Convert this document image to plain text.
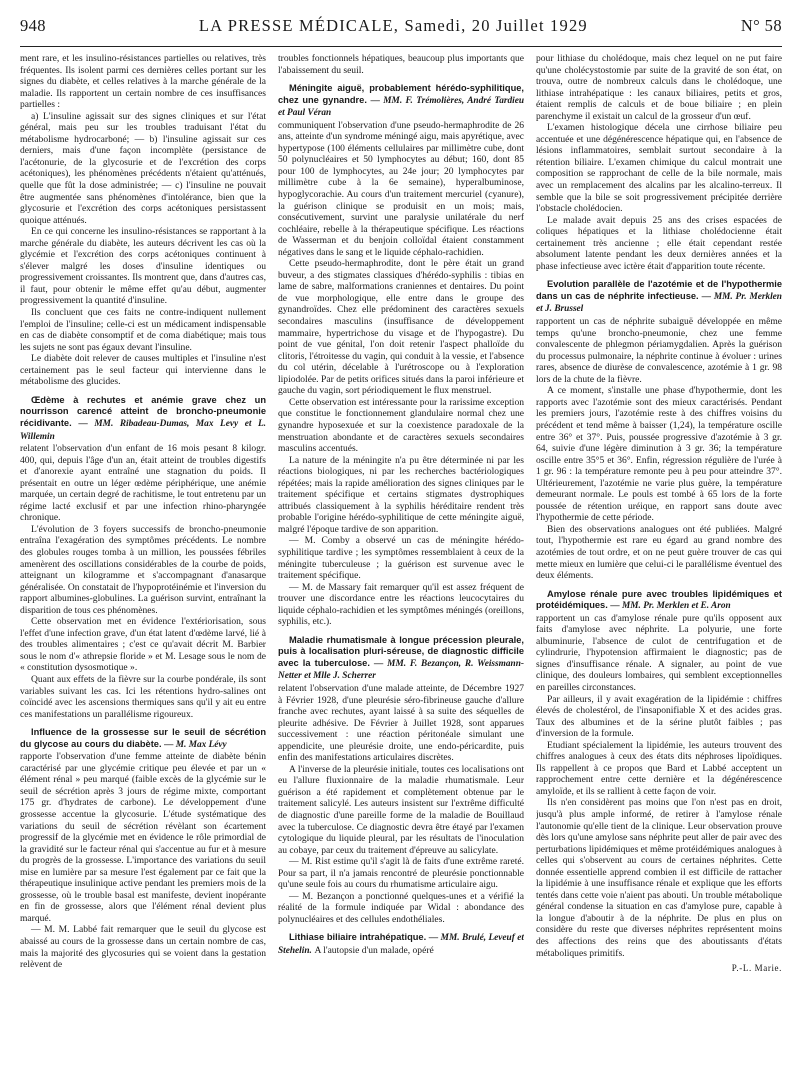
948	LA PRESSE MÉDICALE, Samedi, 20 Juillet 1929	N° 58

ment rare, et les insulino-résistances partielles ou relatives, très fréquentes. Ils isolent parmi ces dernières celles portant sur les signes du diabète, et celles relatives à la marche générale de la maladie. Ils rapportent un certain nombre de ces insuffisances partielles :

a) L'insuline agissait sur des signes cliniques et sur l'état général, mais peu sur les troubles traduisant l'état du métabolisme hydrocarboné; — b) l'insuline agissait sur ces derniers, mais d'une façon incomplète (persistance de l'acétonurie, de la glycosurie et de l'excrétion des corps acétoniques), les phénomènes précédents n'étaient qu'atténués, quelle que fût la dose administrée; — c) l'insuline ne pouvait être augmentée sans phénomènes d'intolérance, bien que la glycosurie et l'excrétion des corps acétoniques persistassent quoique atténués.

En ce qui concerne les insulino-résistances se rapportant à la marche générale du diabète, les auteurs décrivent les cas où la glycémie et l'excrétion des corps acétoniques continuent à s'élever malgré les doses d'insuline identiques ou progressivement croissantes. Ils montrent que, dans d'autres cas, il faut, pour obtenir le même effet qu'au début, augmenter progressivement la quantité d'insuline.

Ils concluent que ces faits ne contre-indiquent nullement l'emploi de l'insuline; celle-ci est un médicament indispensable en cas de diabète consomptif et de coma diabétique; mais tous les sujets ne sont pas égaux devant l'insuline.

Le diabète doit relever de causes multiples et l'insuline n'est certainement pas le seul facteur qui intervienne dans le métabolisme des glucides.

Œdème à rechutes et anémie grave chez un nourrisson carencé atteint de broncho-pneumonie récidivante. — MM. Ribadeau-Dumas, Max Levy et L. Willemin

relatent l'observation d'un enfant de 16 mois pesant 8 kilogr. 400, qui, depuis l'âge d'un an, était atteint de troubles digestifs et d'anorexie ayant entraîné une stagnation du poids. Il présentait en outre un léger œdème périphérique, une anémie marquée, un certain degré de rachitisme, le tout entretenu par un régime lacté exclusif et par une infection rhino-pharyngée chronique.

L'évolution de 3 foyers successifs de broncho-pneumonie entraîna l'exagération des symptômes précédents. Le nombre des globules rouges tomba à un million, les poussées fébriles amenèrent des oscillations considérables de la courbe de poids, atteignant un kilogramme et s'accompagnant d'anasarque généralisée. On constatait de l'hypoprotéinémie et l'inversion du rapport albumines-globulines. La guérison survint, entraînant la disparition de tous ces phénomènes.

Cette observation met en évidence l'extériorisation, sous l'effet d'une infection grave, d'un état latent d'œdème larvé, lié à des troubles alimentaires ; c'est ce qu'avait décrit M. Barbier sous le nom d'« athrepsie floride » et M. Lesage sous le nom de « constitution dysosmotique ».

Quant aux effets de la fièvre sur la courbe pondérale, ils sont variables suivant les cas. Ici les rétentions hydro-salines ont coïncidé avec les ascensions thermiques sans qu'il y ait eu entre ces manifestations un parallélisme rigoureux.

Influence de la grossesse sur le seuil de sécrétion du glycose au cours du diabète. — M. Max Lévy

rapporte l'observation d'une femme atteinte de diabète bénin caractérisé par une glycémie critique peu élevée et par un « élément rénal » peu marqué (faible excès de la glycémie sur le seuil de sécrétion après 3 jours de régime mixte, comportant 175 gr. d'hydrates de carbone). Le développement d'une grossesse accentue la glycosurie. L'étude systématique des variations du seuil de sécrétion révèlant son écartement progressif de la glycémie met en évidence le rôle primordial de la gravidité sur le facteur rénal qui s'accentue au fur et à mesure du progrès de la grossesse. L'importance des variations du seuil mise en lumière par sa mesure l'est également par ce fait que la thérapeutique insulinique active pendant les premiers mois de la grossesse, où le trouble basal est manifeste, devient inopérante en fin de grossesse, alors que l'élément rénal devient plus marqué.

— M. M. Labbé fait remarquer que le seuil du glycose est abaissé au cours de la grossesse dans un certain nombre de cas, mais la majorité des glycosuries qui se voient dans la gestation relèvent de

troubles fonctionnels hépatiques, beaucoup plus importants que l'abaissement du seuil.

Méningite aiguë, probablement hérédo-syphilitique, chez une gynandre. — MM. F. Trémolières, André Tardieu et Paul Véran

communiquent l'observation d'une pseudo-hermaphrodite de 26 ans, atteinte d'un syndrome méningé aigu, mais apyrétique, avec hypertypose (100 éléments cellulaires par millimètre cube, dont 50 polynucléaires et 50 lymphocytes au début; 160, dont 85 pour 100 de lymphocytes, au 24e jour; 20 lymphocytes par millimètre cube à la 6e semaine), hyperalbuminose, hypoglycorachie. Au cours d'un traitement mercuriel (cyanure), la guérison clinique se produisit en un mois; mais, consécutivement, survint une paralysie unilatérale du nerf cochléaire, rebelle à la thérapeutique spécifique. Les réactions de Wasserman et du benjoin colloïdal étaient constamment négatives dans le sang et le liquide céphalo-rachidien.

Cette pseudo-hermaphrodite, dont le père était un grand buveur, a des stigmates classiques d'hérédo-syphilis : tibias en lame de sabre, malformations craniennes et dentaires. Du point de vue morphologique, elle entre dans le groupe des gynandroïdes. Chez elle prédominent des caractères sexuels secondaires masculins (insuffisance de développement mammaire, hypertrichose du visage et de l'hypogastre). Du point de vue génital, l'on doit retenir l'aspect phalloïde du clitoris, l'étroitesse du vagin, qui conduit à la vessie, et l'absence du col utérin, décelable à l'urétroscope ou à l'exploration lipiodolée. Par de petits orifices situés dans la paroi inférieure et gauche du vagin, sort périodiquement le flux menstruel.

Cette observation est intéressante pour la rarissime exception que constitue le fonctionnement glandulaire normal chez une gynandre hyposexuée et sur la coexistence paradoxale de la menstruation abondante et de caractères sexuels secondaires masculins accentués.

La nature de la méningite n'a pu être déterminée ni par les réactions biologiques, ni par les recherches bactériologiques répétées; mais la rapide amélioration des signes cliniques par le traitement spécifique et certains stigmates dystrophiques attribués classiquement à la syphilis héréditaire rendent très probable l'origine hérédo-syphilitique de cette méningite aiguë, malgré l'époque tardive de son apparition.

— M. Comby a observé un cas de méningite hérédo-syphilitique tardive ; les symptômes ressemblaient à ceux de la méningite tuberculeuse ; la guérison est survenue avec le traitement spécifique.

— M. de Massary fait remarquer qu'il est assez fréquent de trouver une discordance entre les réactions leucocytaires du liquide céphalo-rachidien et les symptômes méningés (oreillons, syphilis, etc.).

Maladie rhumatismale à longue précession pleurale, puis à localisation pluri-séreuse, de diagnostic difficile avec la tuberculose. — MM. F. Bezançon, R. Weissmann-Netter et Mlle J. Scherrer

relatent l'observation d'une malade atteinte, de Décembre 1927 à Février 1928, d'une pleurésie séro-fibrineuse gauche d'allure franche avec rechutes, ayant laissé à sa suite des séquelles de pleurite adhésive. De Février à Juillet 1928, sont apparues successivement : une réaction péritonéale simulant une appendicite, une pleurésie droite, une endo-péricardite, puis enfin des manifestations articulaires discrètes.

A l'inverse de la pleurésie initiale, toutes ces localisations ont eu l'allure fluxionnaire de la maladie rhumatismale. Leur guérison a été rapidement et complètement obtenue par le traitement salicylé. Les auteurs insistent sur l'extrême difficulté de diagnostic d'une pareille forme de la maladie de Bouillaud avec la tuberculose. Ce diagnostic devra être étayé par l'examen cytologique du liquide pleural, par les résultats de l'inoculation au cobaye, par ceux du traitement d'épreuve au salicylate.

— M. Rist estime qu'il s'agit là de faits d'une extrême rareté. Pour sa part, il n'a jamais rencontré de pleurésie ponctionnable qu'une seule fois au cours du rhumatisme articulaire aigu.

— M. Bezançon a ponctionné quelques-unes et a vérifié la réalité de la formule indiquée par Widal : abondance des polynucléaires et des cellules endothéliales.

Lithiase biliaire intrahépatique. — MM. Brulé, Leveuf et Stehelin. A l'autopsie d'un malade, opéré

pour lithiase du cholédoque, mais chez lequel on ne put faire qu'une cholécystostomie par suite de la gravité de son état, on trouva, outre de nombreux calculs dans le cholédoque, une lithiase intrahépatique : les canaux biliaires, petits et gros, étaient remplis de calculs et de boue biliaire ; en plein parenchyme il existait un calcul de la grosseur d'un œuf.

L'examen histologique décela une cirrhose biliaire peu accentuée et une dégénérescence hépatique qui, en l'absence de lésions inflammatoires, semblait surtout secondaire à la rétention biliaire. L'examen chimique du calcul montrait une composition se rapprochant de celle de la bile normale, mais avec un remplacement des alcalins par les alcalino-terreux. Il semble que la bile se soit progressivement précipitée derrière l'obstacle cholédocien.

Le malade avait depuis 25 ans des crises espacées de coliques hépatiques et la lithiase cholédocienne était certainement très ancienne ; elle était cependant restée absolument latente pendant les deux dernières années et la phase infectieuse avec ictère était d'apparition toute récente.

Evolution parallèle de l'azotémie et de l'hypothermie dans un cas de néphrite infectieuse. — MM. Pr. Merklen et J. Brussel

rapportent un cas de néphrite subaiguë développée en même temps qu'une broncho-pneumonie, chez une femme convalescente de phlegmon périamygdalien. Après la guérison du processus pulmonaire, la néphrite continue à évoluer : urines rares, absence de diurèse de convalescence, azotémie à 1 gr. 98 lors de la chute de la fièvre.

A ce moment, s'installe une phase d'hypothermie, dont les rapports avec l'azotémie sont des mieux caractérisés. Pendant les premiers jours, l'azotémie reste à des chiffres voisins du précédent et tend même à baisser (1,24), la température oscille entre 36° et 37°. Puis, poussée progressive d'azotémie à 3 gr. 64, suivie d'une légère diminution à 3 gr. 36; la température oscille entre 35°5 et 36°. Enfin, régression régulière de l'urée à 1 gr. 96 : la température remonte peu à peu pour atteindre 37°. Ultérieurement, l'azotémie ne varie plus guère, la température demeurant normale. Le pouls est tombé à 65 lors de la forte poussée de rétention uréique, en rapport sans doute avec l'hypothermie de cette période.

Bien des observations analogues ont été publiées. Malgré tout, l'hypothermie est rare eu égard au grand nombre des azotémies de tout ordre, et on ne peut guère trouver de cas qui mette mieux en lumière que celui-ci le parallélisme éventuel des deux éléments.

Amylose rénale pure avec troubles lipidémiques et protéidémiques. — MM. Pr. Merklen et E. Aron

rapportent un cas d'amylose rénale pure qu'ils opposent aux faits d'amylose avec néphrite. La polyurie, une forte albuminurie, l'absence de culot de centrifugation et de cylindrurie, l'hypotension affirmaient le diagnostic; pas de signes d'insuffisance rénale. A signaler, au point de vue clinique, des douleurs lombaires, qui semblent exceptionnelles en pareilles circonstances.

Par ailleurs, il y avait exagération de la lipidémie : chiffres élevés de cholestérol, de l'insaponifiable X et des acides gras. Taux des albumines et de la sérine plutôt faibles ; pas d'inversion de la formule.

Etudiant spécialement la lipidémie, les auteurs trouvent des chiffres analogues à ceux des états dits néphroses lipoïdiques. Ils rappellent à ce propos que Bard et Labbé acceptent un rapprochement entre cette dernière et la dégénérescence amyloïde, et ils se rallient à cette façon de voir.

Ils n'en considèrent pas moins que l'on n'est pas en droit, jusqu'à plus ample informé, de retirer à l'amylose rénale l'autonomie qu'elle tient de la clinique. Leur observation prouve dès lors qu'une amylose sans néphrite peut aller de pair avec des perturbations lipidémiques et même protéidémiques analogues à celles qui s'observent au cours de certaines néphrites. Cette donnée essentielle apprend combien il est difficile de rattacher la lipidémie à une insuffisance rénale et explique que les efforts tentés dans cette voie n'aient pas abouti. Un trouble métabolique général condense la situation en cas d'amylose pure, capable à la longue d'aboutir à de la néphrite. De plus en plus on considère du reste que diverses néphrites représentent moins des affections des reins que des aboutissants d'états métaboliques primitifs.

P.-L. Marie.
